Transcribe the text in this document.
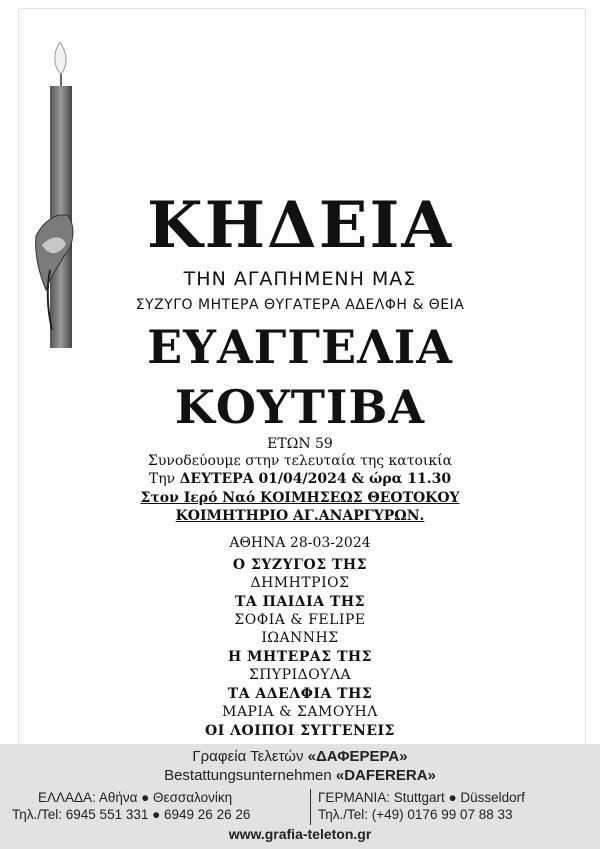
ΚΗΔΕΙΑ
ΤΗΝ ΑΓΑΠΗΜΕΝΗ ΜΑΣ
ΣΥΖΥΓΟ ΜΗΤΕΡΑ ΘΥΓΑΤΕΡΑ ΑΔΕΛΦΗ & ΘΕΙΑ
ΕΥΑΓΓΕΛΙΑ
ΚΟΥΤΙΒΑ
ΕΤΩΝ 59
Συνοδεύουμε στην τελευταία της κατοικία
Την ΔΕΥΤΕΡΑ 01/04/2024 & ώρα 11.30
Στον Ιερό Ναό ΚΟΙΜΗΣΕΩΣ ΘΕΟΤΟΚΟΥ
ΚΟΙΜΗΤΗΡΙΟ ΑΓ.ΑΝΑΡΓΥΡΩΝ.
ΑΘΗΝΑ 28-03-2024
Ο ΣΥΖΥΓΟΣ ΤΗΣ
ΔΗΜΗΤΡΙΟΣ
ΤΑ ΠΑΙΔΙΑ ΤΗΣ
ΣΟΦΙΑ & FELIPE
ΙΩΑΝΝΗΣ
Η ΜΗΤΕΡΑΣ ΤΗΣ
ΣΠΥΡΙΔΟΥΛΑ
ΤΑ ΑΔΕΛΦΙΑ ΤΗΣ
ΜΑΡΙΑ & ΣΑΜΟΥΗΛ
ΟΙ ΛΟΙΠΟΙ ΣΥΓΓΕΝΕΙΣ
Γραφεία Τελετών «ΔΑΦΕΡΕΡΑ»
Bestattungsunternehmen «DAFERERA»
ΕΛΛΑΔΑ: Αθήνα ● Θεσσαλονίκη
Τηλ./Tel: 6945 551 331 ● 6949 26 26 26
ΓΕΡΜΑΝΙΑ: Stuttgart ● Düsseldorf
Τηλ./Tel: (+49) 0176 99 07 88 33
www.grafia-teleton.gr
